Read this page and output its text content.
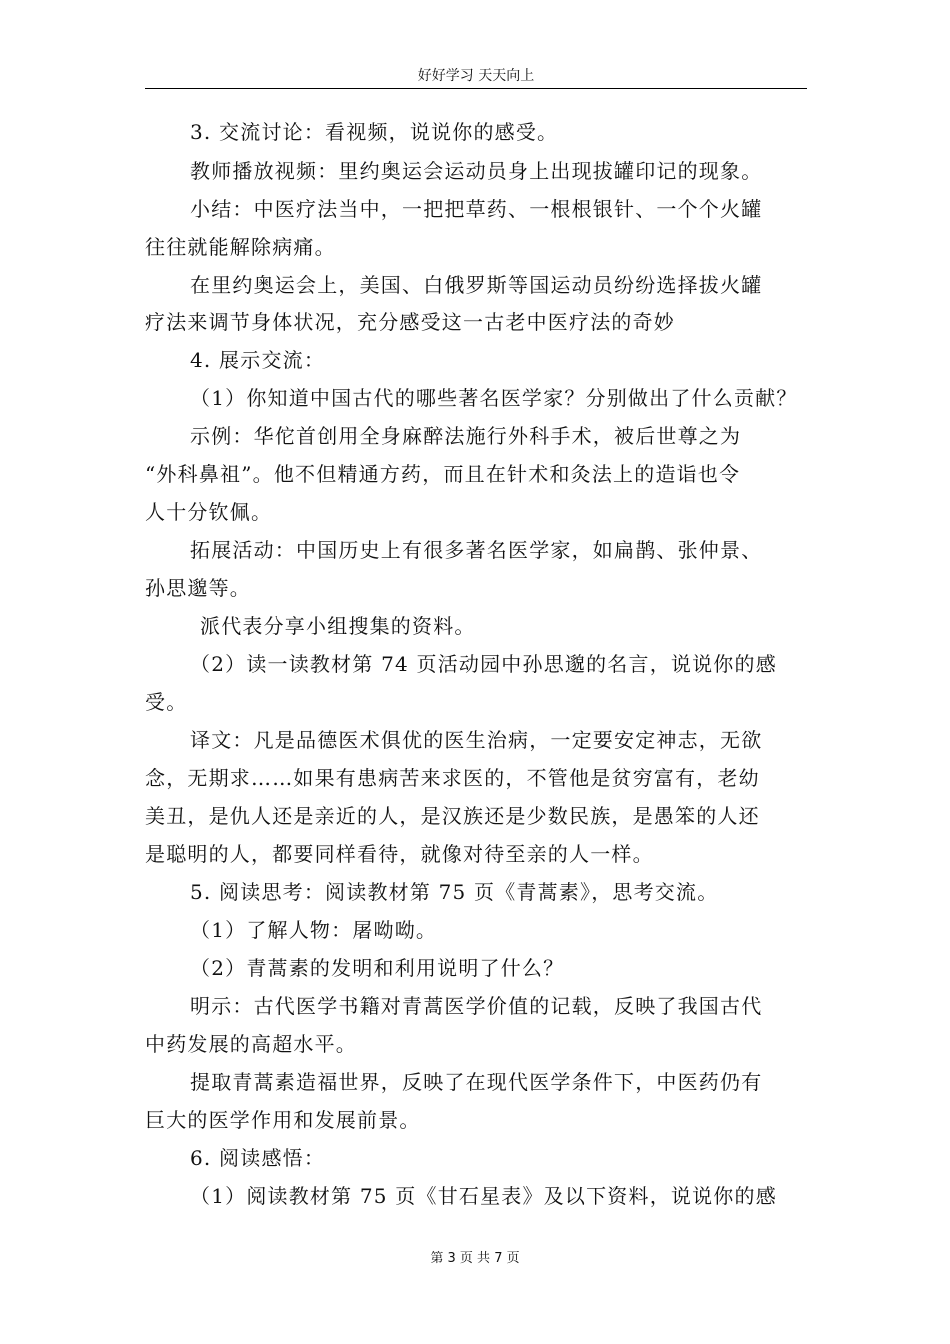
好好学习 天天向上
3. 交流讨论：看视频，说说你的感受。
教师播放视频：里约奥运会运动员身上出现拔罐印记的现象。
小结：中医疗法当中，一把把草药、一根根银针、一个个火罐
往往就能解除病痛。
在里约奥运会上，美国、白俄罗斯等国运动员纷纷选择拔火罐
疗法来调节身体状况，充分感受这一古老中医疗法的奇妙
4. 展示交流：
（1）你知道中国古代的哪些著名医学家？分别做出了什么贡献？
示例：华佗首创用全身麻醉法施行外科手术，被后世尊之为
“外科鼻祖”。他不但精通方药，而且在针术和灸法上的造诣也令
人十分钦佩。
拓展活动：中国历史上有很多著名医学家，如扁鹊、张仲景、
孙思邈等。
派代表分享小组搜集的资料。
（2）读一读教材第 74 页活动园中孙思邈的名言，说说你的感
受。
译文：凡是品德医术俱优的医生治病，一定要安定神志，无欲
念，无期求……如果有患病苦来求医的，不管他是贫穷富有，老幼
美丑，是仇人还是亲近的人，是汉族还是少数民族，是愚笨的人还
是聪明的人，都要同样看待，就像对待至亲的人一样。
5. 阅读思考：阅读教材第 75 页《青蒿素》，思考交流。
（1）了解人物：屠呦呦。
（2）青蒿素的发明和利用说明了什么？
明示：古代医学书籍对青蒿医学价值的记载，反映了我国古代
中药发展的高超水平。
提取青蒿素造福世界，反映了在现代医学条件下，中医药仍有
巨大的医学作用和发展前景。
6. 阅读感悟：
（1）阅读教材第 75 页《甘石星表》及以下资料，说说你的感
第 3 页 共 7 页
